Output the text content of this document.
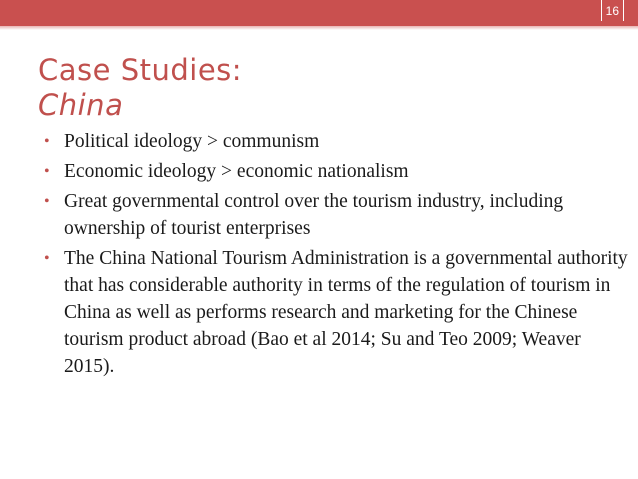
16
Case Studies:
China
• Political ideology > communism
• Economic ideology > economic nationalism
• Great governmental control over the tourism industry, including ownership of tourist enterprises
• The China National Tourism Administration is a governmental authority that has considerable authority in terms of the regulation of tourism in China as well as performs research and marketing for the Chinese tourism product abroad (Bao et al 2014; Su and Teo 2009; Weaver 2015).
